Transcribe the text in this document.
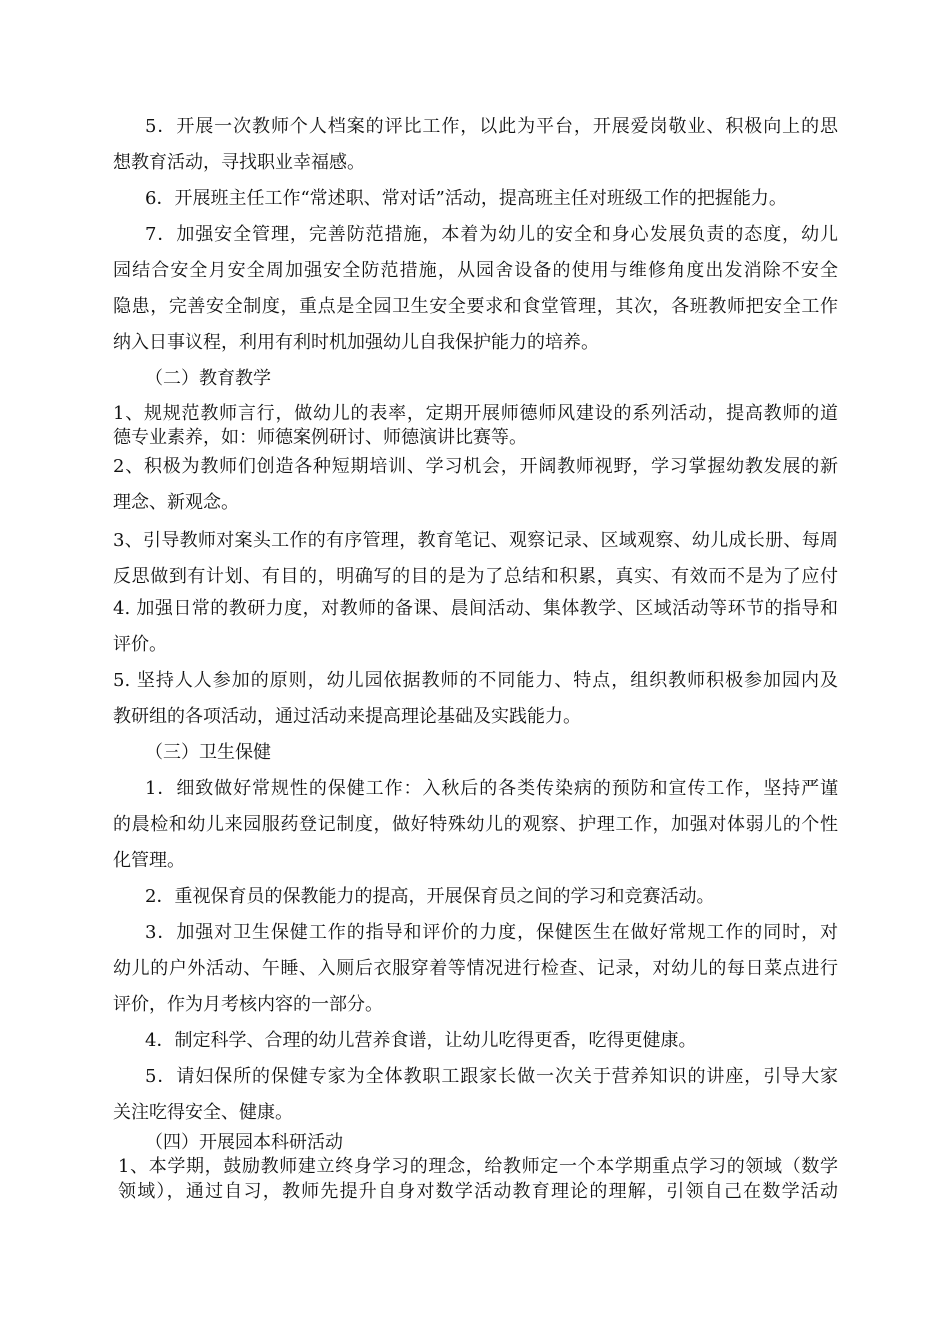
5．开展一次教师个人档案的评比工作，以此为平台，开展爱岗敬业、积极向上的思
想教育活动，寻找职业幸福感。
6．开展班主任工作“常述职、常对话”活动，提高班主任对班级工作的把握能力。
7．加强安全管理，完善防范措施，本着为幼儿的安全和身心发展负责的态度，幼儿
园结合安全月安全周加强安全防范措施，从园舍设备的使用与维修角度出发消除不安全
隐患，完善安全制度，重点是全园卫生安全要求和食堂管理，其次，各班教师把安全工作
纳入日事议程，利用有利时机加强幼儿自我保护能力的培养。
（二）教育教学
1、规规范教师言行，做幼儿的表率，定期开展师德师风建设的系列活动，提高教师的道
德专业素养，如：师德案例研讨、师德演讲比赛等。
2、积极为教师们创造各种短期培训、学习机会，开阔教师视野，学习掌握幼教发展的新
理念、新观念。
3、引导教师对案头工作的有序管理，教育笔记、观察记录、区域观察、幼儿成长册、每周
反思做到有计划、有目的，明确写的目的是为了总结和积累，真实、有效而不是为了应付
4. 加强日常的教研力度，对教师的备课、晨间活动、集体教学、区域活动等环节的指导和
评价。
5. 坚持人人参加的原则，幼儿园依据教师的不同能力、特点，组织教师积极参加园内及
教研组的各项活动，通过活动来提高理论基础及实践能力。
（三）卫生保健
1．细致做好常规性的保健工作：入秋后的各类传染病的预防和宣传工作，坚持严谨
的晨检和幼儿来园服药登记制度，做好特殊幼儿的观察、护理工作，加强对体弱儿的个性
化管理。
2．重视保育员的保教能力的提高，开展保育员之间的学习和竞赛活动。
3．加强对卫生保健工作的指导和评价的力度，保健医生在做好常规工作的同时，对
幼儿的户外活动、午睡、入厕后衣服穿着等情况进行检查、记录，对幼儿的每日菜点进行
评价，作为月考核内容的一部分。
4．制定科学、合理的幼儿营养食谱，让幼儿吃得更香，吃得更健康。
5．请妇保所的保健专家为全体教职工跟家长做一次关于营养知识的讲座，引导大家
关注吃得安全、健康。
（四）开展园本科研活动
1、本学期，鼓励教师建立终身学习的理念，给教师定一个本学期重点学习的领域（数学
领域），通过自习，教师先提升自身对数学活动教育理论的理解，引领自己在数学活动
